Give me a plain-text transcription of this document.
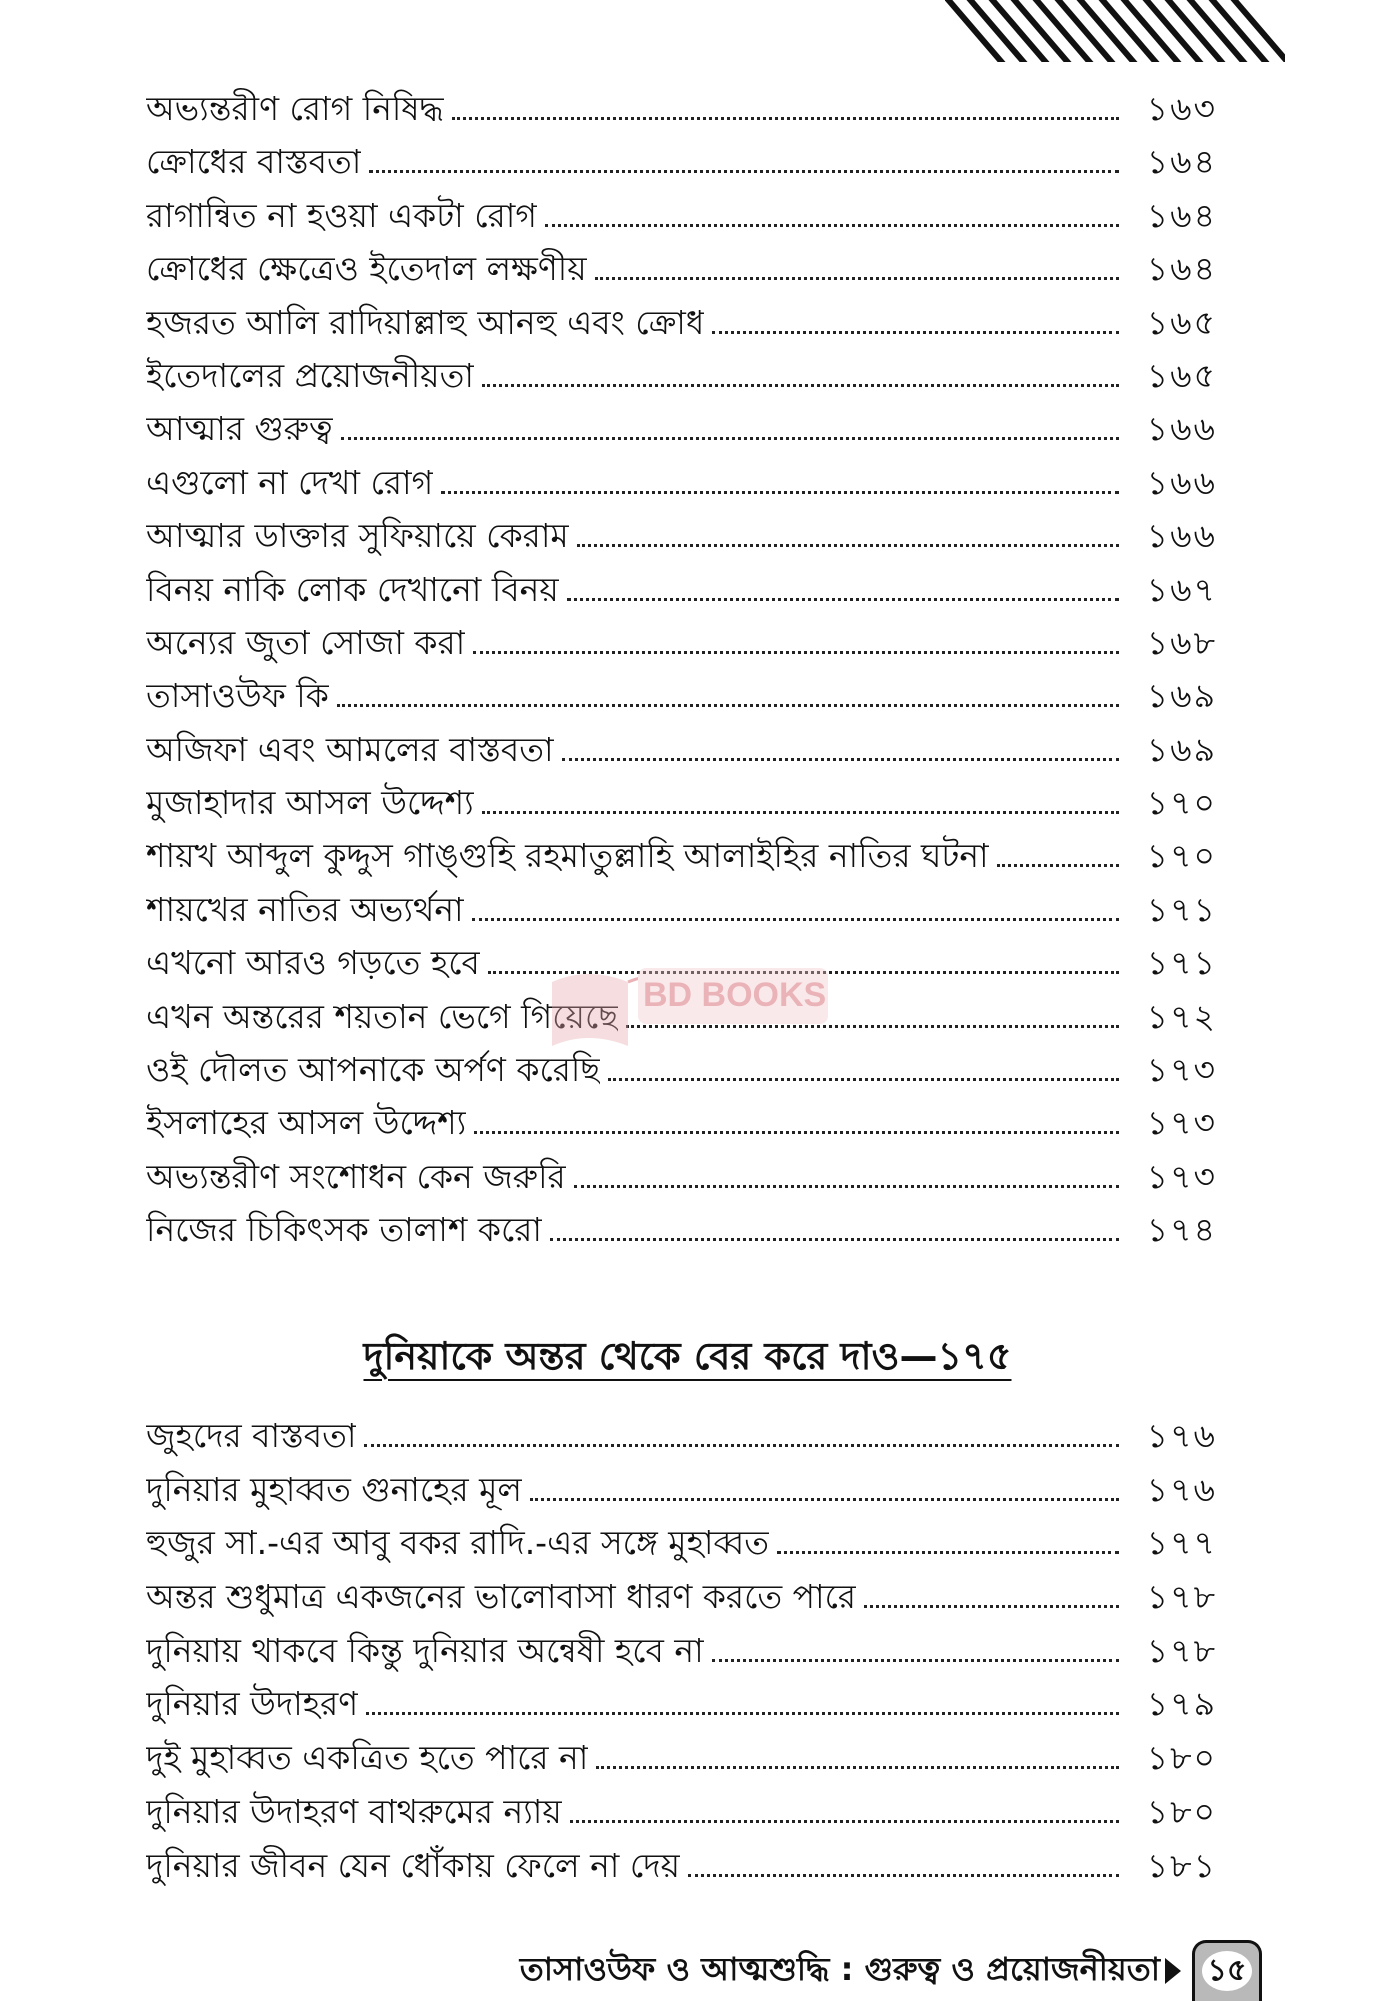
অভ্যন্তরীণ রোগ নিষিদ্ধ	১৬৩
ক্রোধের বাস্তবতা	১৬৪
রাগান্বিত না হওয়া একটা রোগ	১৬৪
ক্রোধের ক্ষেত্রেও ইতেদাল লক্ষণীয়	১৬৪
হজরত আলি রাদিয়াল্লাহু আনহু এবং ক্রোধ	১৬৫
ইতেদালের প্রয়োজনীয়তা	১৬৫
আত্মার গুরুত্ব	১৬৬
এগুলো না দেখা রোগ	১৬৬
আত্মার ডাক্তার সুফিয়ায়ে কেরাম	১৬৬
বিনয় নাকি লোক দেখানো বিনয়	১৬৭
অন্যের জুতা সোজা করা	১৬৮
তাসাওউফ কি	১৬৯
অজিফা এবং আমলের বাস্তবতা	১৬৯
মুজাহাদার আসল উদ্দেশ্য	১৭০
শায়খ আব্দুল কুদ্দুস গাঙ্গুহি রহমাতুল্লাহি আলাইহির নাতির ঘটনা	১৭০
শায়খের নাতির অভ্যর্থনা	১৭১
এখনো আরও গড়তে হবে	১৭১
এখন অন্তরের শয়তান ভেগে গিয়েছে	১৭২
ওই দৌলত আপনাকে অর্পণ করেছি	১৭৩
ইসলাহের আসল উদ্দেশ্য	১৭৩
অভ্যন্তরীণ সংশোধন কেন জরুরি	১৭৩
নিজের চিকিৎসক তালাশ করো	১৭৪
দুনিয়াকে অন্তর থেকে বের করে দাও—১৭৫
জুহদের বাস্তবতা	১৭৬
দুনিয়ার মুহাব্বত গুনাহের মূল	১৭৬
হুজুর সা.-এর আবু বকর রাদি.-এর সঙ্গে মুহাব্বত	১৭৭
অন্তর শুধুমাত্র একজনের ভালোবাসা ধারণ করতে পারে	১৭৮
দুনিয়ায় থাকবে কিন্তু দুনিয়ার অন্বেষী হবে না	১৭৮
দুনিয়ার উদাহরণ	১৭৯
দুই মুহাব্বত একত্রিত হতে পারে না	১৮০
দুনিয়ার উদাহরণ বাথরুমের ন্যায়	১৮০
দুনিয়ার জীবন যেন ধোঁকায় ফেলে না দেয়	১৮১
BD BOOKS
তাসাওউফ ও আত্মশুদ্ধি : গুরুত্ব ও প্রয়োজনীয়তা	১৫
